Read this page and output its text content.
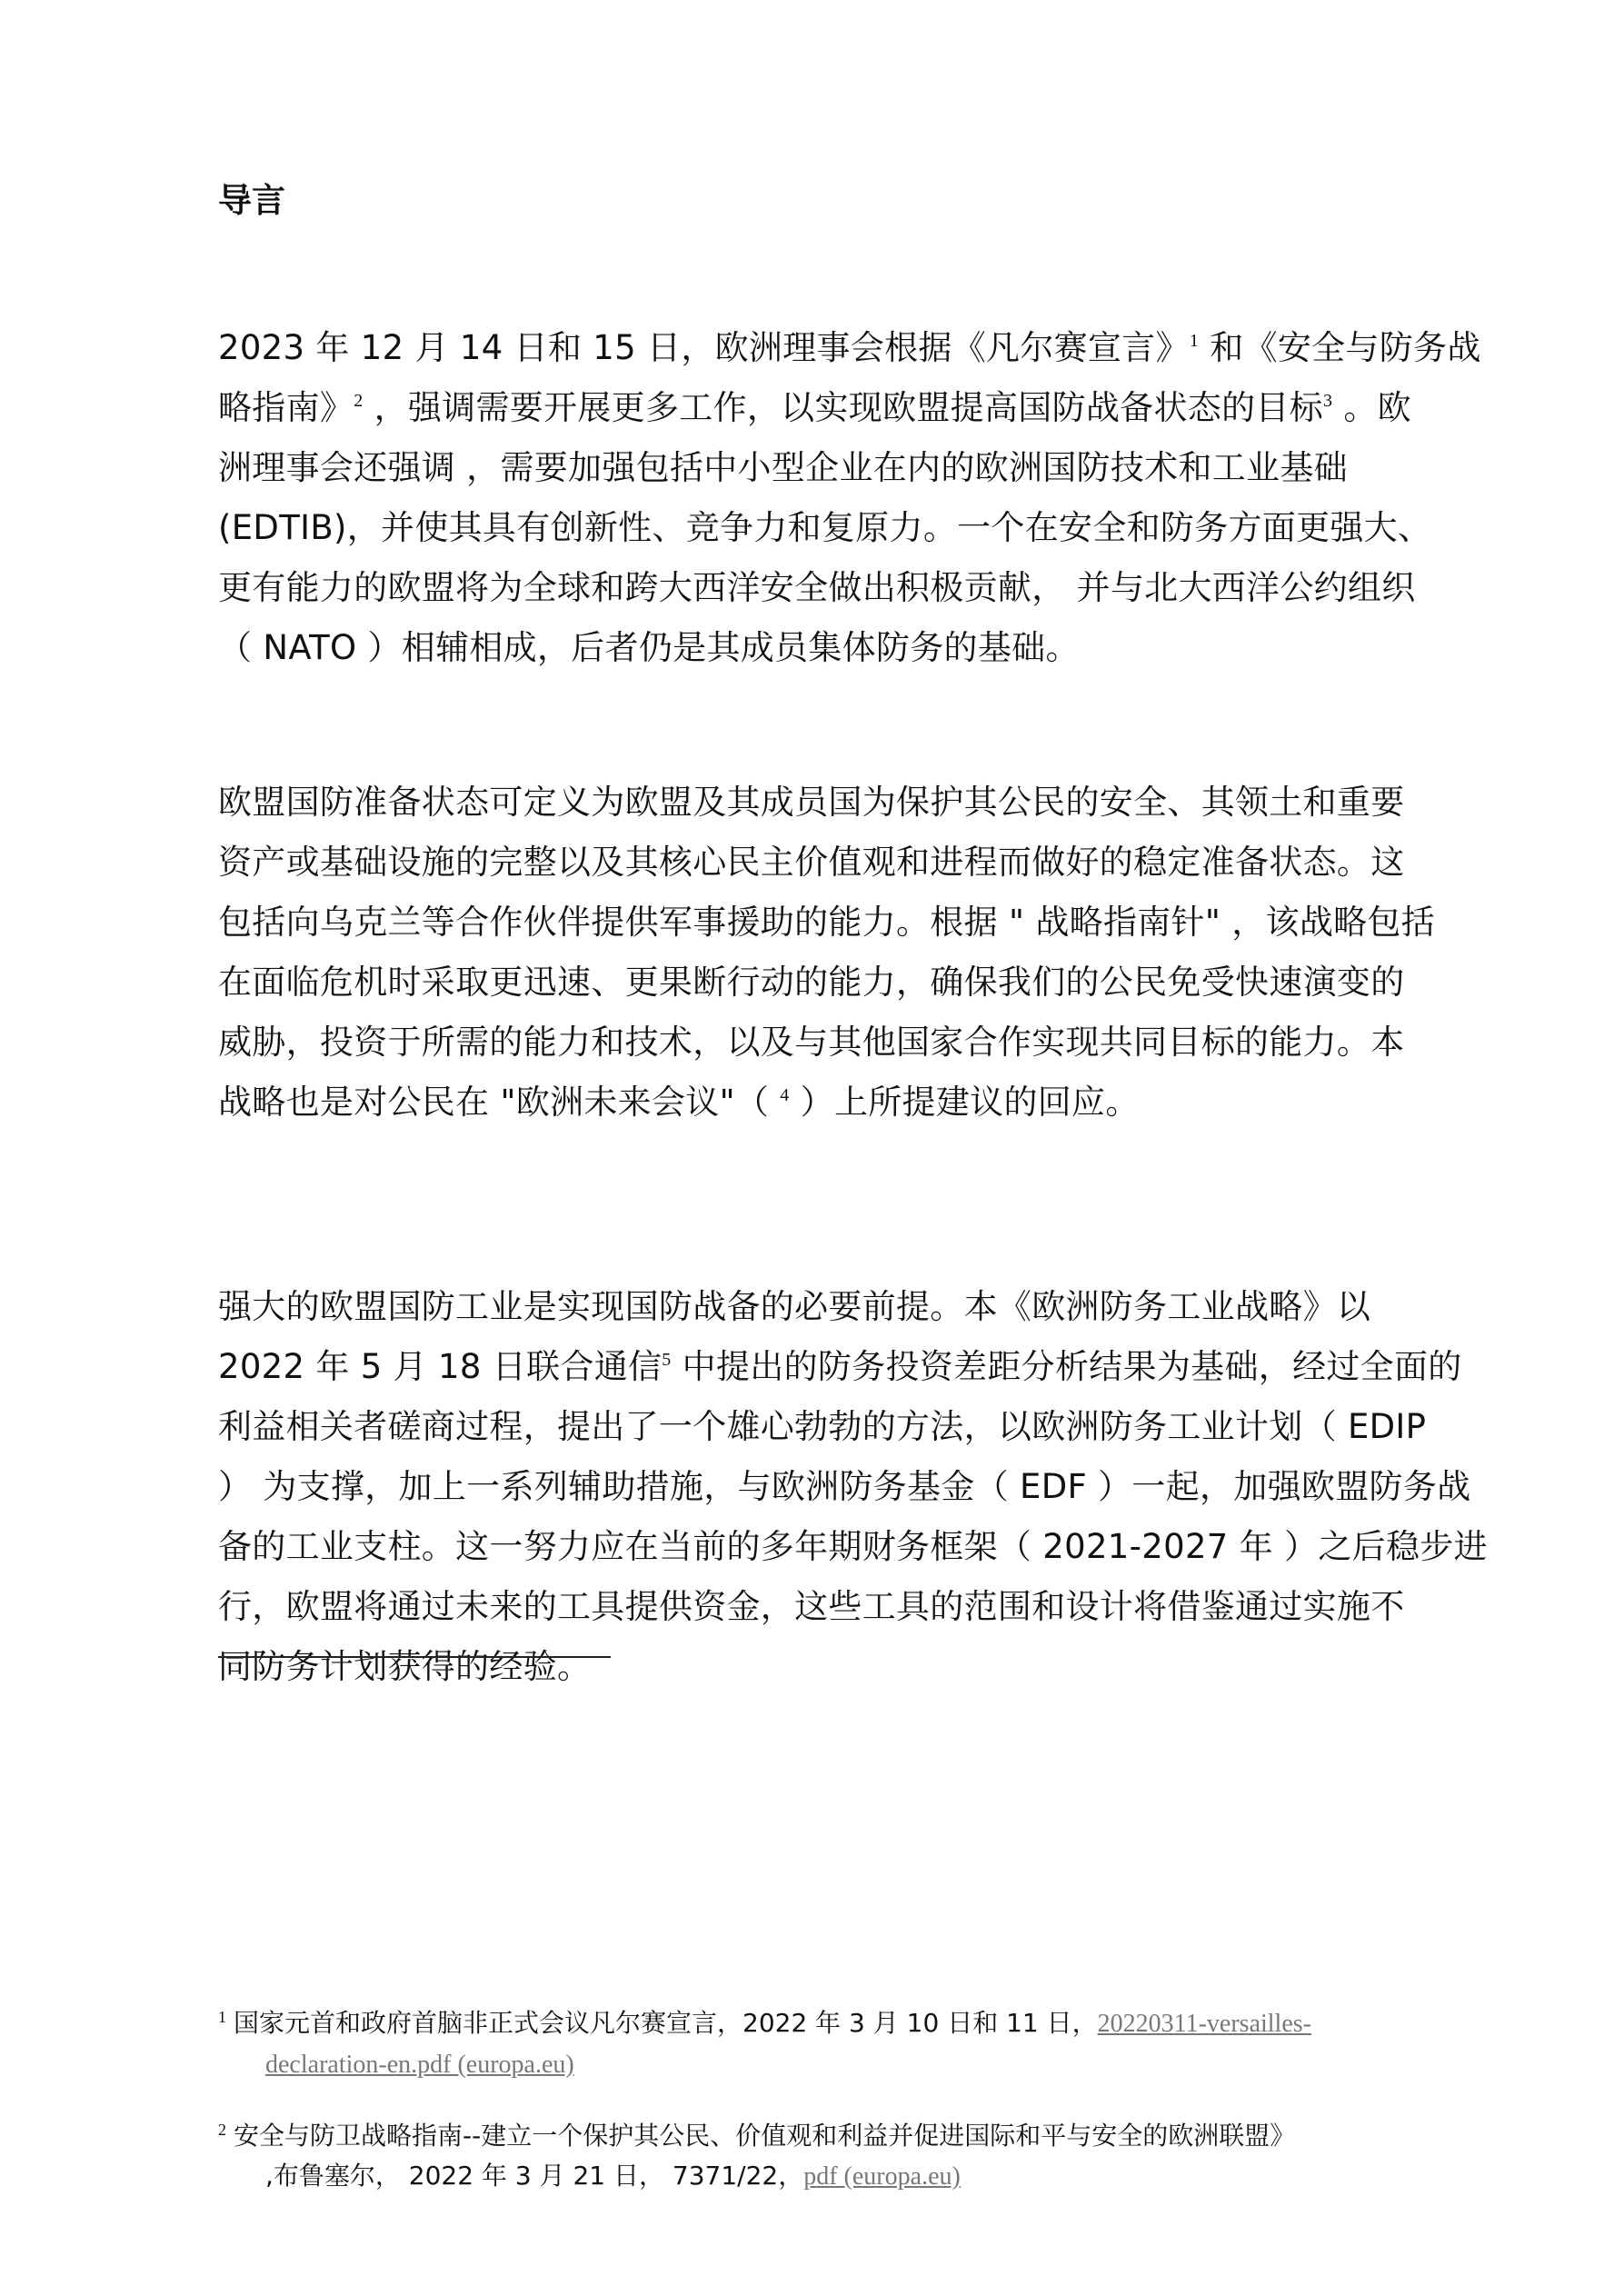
导言
2023 年 12 月 14 日和 15 日，欧洲理事会根据《凡尔赛宣言》$^1$ 和《安全与防务战
略指南》$^2$ ，强调需要开展更多工作，以实现欧盟提高国防战备状态的目标$^3$ 。欧
洲理事会还强调 ，需要加强包括中小型企业在内的欧洲国防技术和工业基础
(EDTIB)，并使其具有创新性、竞争力和复原力。一个在安全和防务方面更强大、
更有能力的欧盟将为全球和跨大西洋安全做出积极贡献， 并与北大西洋公约组织
（ NATO ）相辅相成，后者仍是其成员集体防务的基础。
欧盟国防准备状态可定义为欧盟及其成员国为保护其公民的安全、其领土和重要
资产或基础设施的完整以及其核心民主价值观和进程而做好的稳定准备状态。这
包括向乌克兰等合作伙伴提供军事援助的能力。根据 " 战略指南针" ，该战略包括
在面临危机时采取更迅速、更果断行动的能力，确保我们的公民免受快速演变的
威胁，投资于所需的能力和技术，以及与其他国家合作实现共同目标的能力。本
战略也是对公民在 "欧洲未来会议"（ $^4$ ）上所提建议的回应。
强大的欧盟国防工业是实现国防战备的必要前提。本《欧洲防务工业战略》以
2022 年 5 月 18 日联合通信$^5$ 中提出的防务投资差距分析结果为基础，经过全面的
利益相关者磋商过程，提出了一个雄心勃勃的方法，以欧洲防务工业计划（ EDIP
） 为支撑，加上一系列辅助措施，与欧洲防务基金（ EDF ）一起，加强欧盟防务战
备的工业支柱。这一努力应在当前的多年期财务框架（ 2021-2027 年 ）之后稳步进
行，欧盟将通过未来的工具提供资金，这些工具的范围和设计将借鉴通过实施不
同防务计划获得的经验。
$^1$ 国家元首和政府首脑非正式会议凡尔赛宣言，2022 年 3 月 10 日和 11 日，20220311-versailles-
declaration-en.pdf (europa.eu)
$^2$ 安全与防卫战略指南--建立一个保护其公民、价值观和利益并促进国际和平与安全的欧洲联盟》
,布鲁塞尔， 2022 年 3 月 21 日， 7371/22，pdf (europa.eu)
